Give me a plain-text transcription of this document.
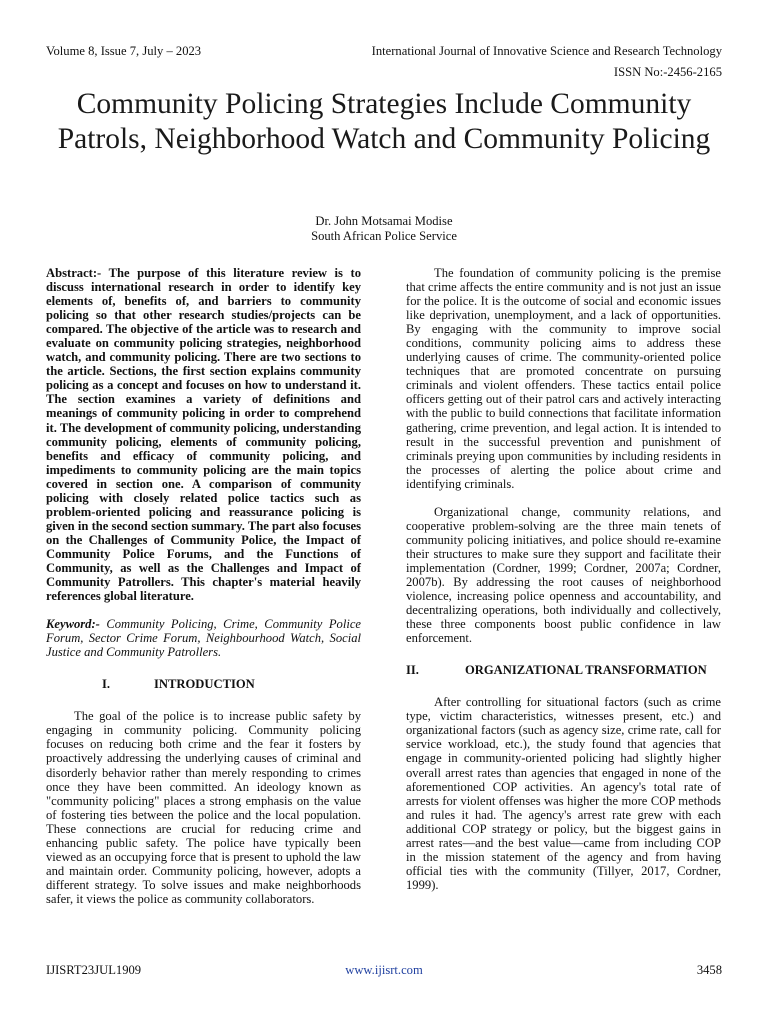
Volume 8, Issue 7, July – 2023	International Journal of Innovative Science and Research Technology
ISSN No:-2456-2165
Community Policing Strategies Include Community Patrols, Neighborhood Watch and Community Policing
Dr. John Motsamai Modise
South African Police Service

Abstract:- The purpose of this literature review is to discuss international research in order to identify key elements of, benefits of, and barriers to community policing so that other research studies/projects can be compared. The objective of the article was to research and evaluate on community policing strategies, neighborhood watch, and community policing. There are two sections to the article. Sections, the first section explains community policing as a concept and focuses on how to understand it. The section examines a variety of definitions and meanings of community policing in order to comprehend it. The development of community policing, understanding community policing, elements of community policing, benefits and efficacy of community policing, and impediments to community policing are the main topics covered in section one. A comparison of community policing with closely related police tactics such as problem-oriented policing and reassurance policing is given in the second section summary. The part also focuses on the Challenges of Community Police, the Impact of Community Police Forums, and the Functions of Community, as well as the Challenges and Impact of Community Patrollers. This chapter's material heavily references global literature.

Keyword:- Community Policing, Crime, Community Police Forum, Sector Crime Forum, Neighbourhood Watch, Social Justice and Community Patrollers.

I.	INTRODUCTION

The goal of the police is to increase public safety by engaging in community policing. Community policing focuses on reducing both crime and the fear it fosters by proactively addressing the underlying causes of criminal and disorderly behavior rather than merely responding to crimes once they have been committed. An ideology known as "community policing" places a strong emphasis on the value of fostering ties between the police and the local population. These connections are crucial for reducing crime and enhancing public safety. The police have typically been viewed as an occupying force that is present to uphold the law and maintain order. Community policing, however, adopts a different strategy. To solve issues and make neighborhoods safer, it views the police as community collaborators.

The foundation of community policing is the premise that crime affects the entire community and is not just an issue for the police. It is the outcome of social and economic issues like deprivation, unemployment, and a lack of opportunities. By engaging with the community to improve social conditions, community policing aims to address these underlying causes of crime. The community-oriented police techniques that are promoted concentrate on pursuing criminals and violent offenders. These tactics entail police officers getting out of their patrol cars and actively interacting with the public to build connections that facilitate information gathering, crime prevention, and legal action. It is intended to result in the successful prevention and punishment of criminals preying upon communities by including residents in the processes of alerting the police about crime and identifying criminals.

Organizational change, community relations, and cooperative problem-solving are the three main tenets of community policing initiatives, and police should re-examine their structures to make sure they support and facilitate their implementation (Cordner, 1999; Cordner, 2007a; Cordner, 2007b). By addressing the root causes of neighborhood violence, increasing police openness and accountability, and decentralizing operations, both individually and collectively, these three components boost public confidence in law enforcement.

II.	ORGANIZATIONAL TRANSFORMATION

After controlling for situational factors (such as crime type, victim characteristics, witnesses present, etc.) and organizational factors (such as agency size, crime rate, call for service workload, etc.), the study found that agencies that engage in community-oriented policing had slightly higher overall arrest rates than agencies that engaged in none of the aforementioned COP activities. An agency's total rate of arrests for violent offenses was higher the more COP methods and rules it had. The agency's arrest rate grew with each additional COP strategy or policy, but the biggest gains in arrest rates—and the best value—came from including COP in the mission statement of the agency and from having official ties with the community (Tillyer, 2017, Cordner, 1999).

IJISRT23JUL1909	www.ijisrt.com	3458
